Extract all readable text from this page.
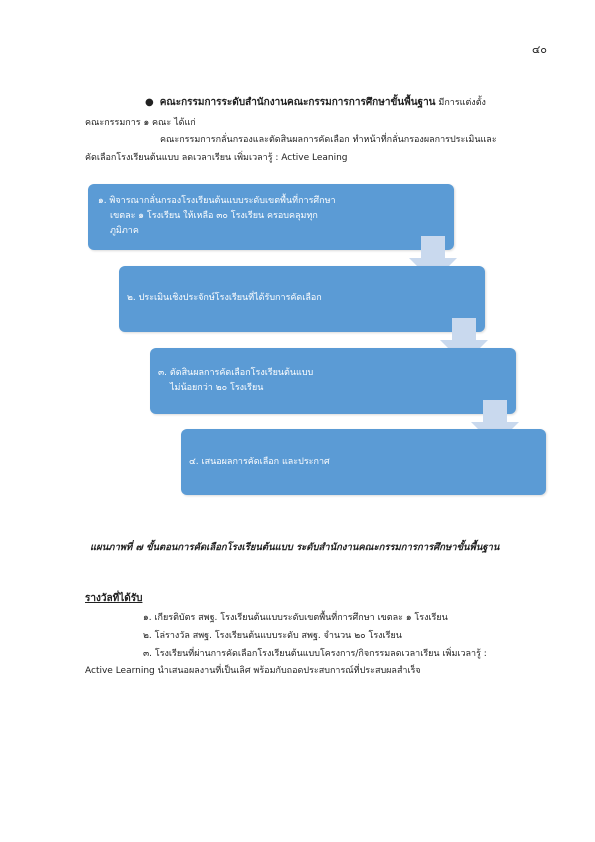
๔๐
● คณะกรรมการระดับสำนักงานคณะกรรมการการศึกษาขั้นพื้นฐาน มีการแต่งตั้ง
คณะกรรมการ ๑ คณะ ได้แก่
คณะกรรมการกลั่นกรองและตัดสินผลการคัดเลือก ทำหน้าที่กลั่นกรองผลการประเมินและ
คัดเลือกโรงเรียนต้นแบบ ลดเวลาเรียน เพิ่มเวลารู้ : Active Leaning
๑. พิจารณากลั่นกรองโรงเรียนต้นแบบระดับเขตพื้นที่การศึกษา
เขตละ ๑ โรงเรียน ให้เหลือ ๓๐ โรงเรียน ครอบคลุมทุก
ภูมิภาค
๒. ประเมินเชิงประจักษ์โรงเรียนที่ได้รับการคัดเลือก
๓. ตัดสินผลการคัดเลือกโรงเรียนต้นแบบ
ไม่น้อยกว่า ๒๐ โรงเรียน
๔. เสนอผลการคัดเลือก และประกาศ
แผนภาพที่ ๗ ขั้นตอนการคัดเลือกโรงเรียนต้นแบบ ระดับสำนักงานคณะกรรมการการศึกษาขั้นพื้นฐาน
รางวัลที่ได้รับ
๑. เกียรติบัตร สพฐ. โรงเรียนต้นแบบระดับเขตพื้นที่การศึกษา เขตละ ๑ โรงเรียน
๒. โล่รางวัล สพฐ. โรงเรียนต้นแบบระดับ สพฐ. จำนวน ๒๐ โรงเรียน
๓. โรงเรียนที่ผ่านการคัดเลือกโรงเรียนต้นแบบโครงการ/กิจกรรมลดเวลาเรียน เพิ่มเวลารู้ :
Active Learning นำเสนอผลงานที่เป็นเลิศ พร้อมกับถอดประสบการณ์ที่ประสบผลสำเร็จ
